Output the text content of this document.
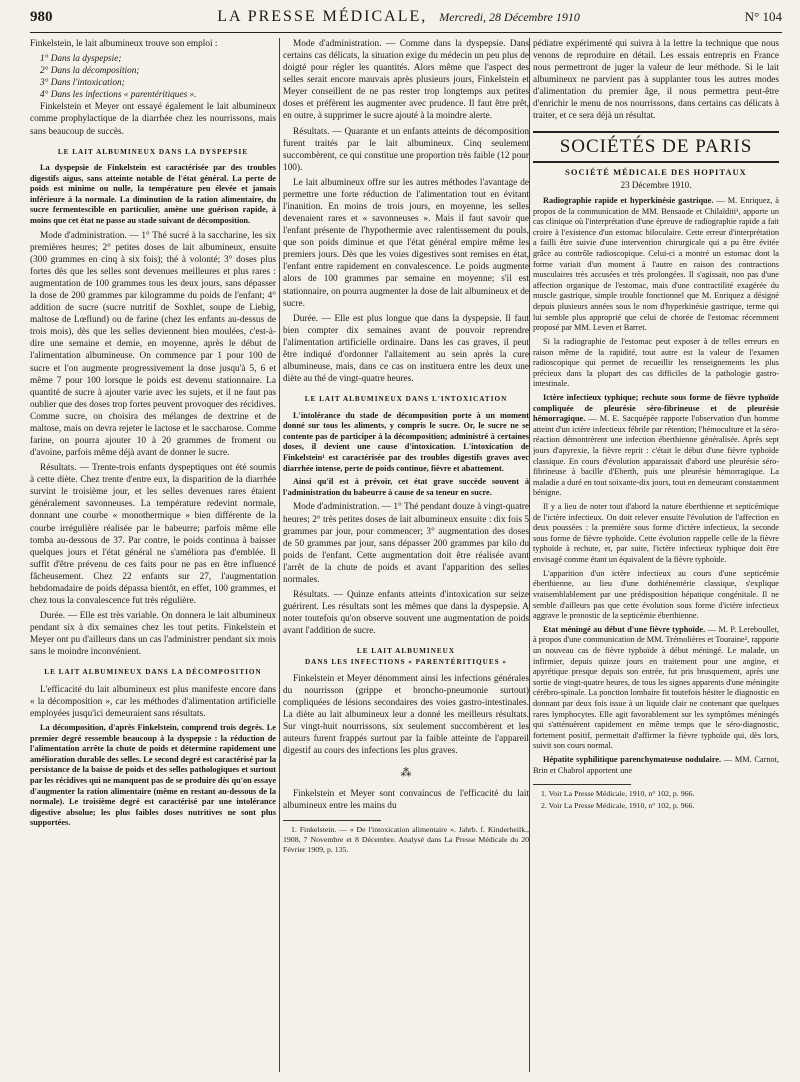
980	LA PRESSE MÉDICALE, Mercredi, 28 Décembre 1910	N° 104

Finkelstein, le lait albumineux trouve son emploi :

1° Dans la dyspepsie;

2° Dans la décomposition;

3° Dans l'intoxication;

4° Dans les infections « parentéritiques ».

Finkelstein et Meyer ont essayé également le lait albumineux comme prophylactique de la diarrhée chez les nourrissons, mais sans beaucoup de succès.

LE LAIT ALBUMINEUX DANS LA DYSPEPSIE

La dyspepsie de Finkelstein est caractérisée par des troubles digestifs aigus, sans atteinte notable de l'état général. La perte de poids est minime ou nulle, la température peu élevée et jamais inférieure à la normale. La diminution de la ration alimentaire, du sucre fermentescible en particulier, amène une guérison rapide, à moins que cet état ne passe au stade suivant de décomposition.

Mode d'administration. — 1° Thé sucré à la saccharine, les six premières heures; 2° petites doses de lait albumineux, ensuite (300 grammes en cinq à six fois); thé à volonté; 3° doses plus fortes dès que les selles sont devenues meilleures et plus rares : augmentation de 100 grammes tous les deux jours, sans dépasser la dose de 200 grammes par kilogramme du poids de l'enfant; 4° addition de sucre (sucre nutritif de Soxhlet, soupe de Liebig, maltose de Lœflund) ou de farine (chez les enfants au-dessus de trois mois), dès que les selles deviennent bien moulées, c'est-à-dire une semaine et demie, en moyenne, après le début de l'alimentation albumineuse. On commence par 1 pour 100 de sucre et l'on augmente progressivement la dose jusqu'à 5, 6 et même 7 pour 100 lorsque le poids est devenu stationnaire. La quantité de sucre à ajouter varie avec les sujets, et il ne faut pas oublier que des doses trop fortes peuvent provoquer des récidives. Comme sucre, on choisira des mélanges de dextrine et de maltose, mais on devra rejeter le lactose et le saccharose. Comme farine, on pourra ajouter 10 à 20 grammes de froment ou d'avoine, parfois même déjà avant de donner le sucre.

Résultats. — Trente-trois enfants dyspeptiques ont été soumis à cette diète. Chez trente d'entre eux, la disparition de la diarrhée survint le troisième jour, et les selles devenues rares étaient généralement savonneuses. La température redevint normale, donnant une courbe « monothermique » bien différente de la courbe irrégulière réalisée par le babeurre; parfois même elle tomba au-dessous de 37. Par contre, le poids continua à baisser quelques jours et l'état général ne s'améliora pas d'emblée. Il suffit d'être prévenu de ces faits pour ne pas en être influencé fâcheusement. Chez 22 enfants sur 27, l'augmentation hebdomadaire de poids dépassa bientôt, en effet, 100 grammes, et chez tous la convalescence fut très régulière.

Durée. — Elle est très variable. On donnera le lait albumineux pendant six à dix semaines chez les tout petits. Finkelstein et Meyer ont pu d'ailleurs dans un cas l'administrer pendant six mois sans le moindre inconvénient.

LE LAIT ALBUMINEUX DANS LA DÉCOMPOSITION

L'efficacité du lait albumineux est plus manifeste encore dans « la décomposition », car les méthodes d'alimentation artificielle employées jusqu'ici demeuraient sans résultats.

La décomposition, d'après Finkelstein, comprend trois degrés. Le premier degré ressemble beaucoup à la dyspepsie : la réduction de l'alimentation arrête la chute de poids et détermine rapidement une amélioration durable des selles. Le second degré est caractérisé par la persistance de la baisse de poids et des selles pathologiques et surtout par les récidives qui ne manquent pas de se produire dès qu'on essaye d'augmenter la ration alimentaire (même en restant au-dessous de la normale). Le troisième degré est caractérisé par une intolérance digestive absolue; les plus faibles doses nutritives ne sont plus supportées.

Mode d'administration. — Comme dans la dyspepsie. Dans certains cas délicats, la situation exige du médecin un peu plus de doigté pour régler les quantités. Alors même que l'aspect des selles serait encore mauvais après plusieurs jours, Finkelstein et Meyer conseillent de ne pas rester trop longtemps aux petites doses et préfèrent les augmenter avec prudence. Il faut être prêt, en outre, à supprimer le sucre ajouté à la moindre alerte.

Résultats. — Quarante et un enfants atteints de décomposition furent traités par le lait albumineux. Cinq seulement succombèrent, ce qui constitue une proportion très faible (12 pour 100).

Le lait albumineux offre sur les autres méthodes l'avantage de permettre une forte réduction de l'alimentation tout en évitant l'inanition. En moins de trois jours, en moyenne, les selles devenaient rares et « savonneuses ». Mais il faut savoir que l'enfant présente de l'hypothermie avec ralentissement du pouls, que son poids diminue et que l'état général empire même les premiers jours. Dès que les voies digestives sont remises en état, l'enfant entre rapidement en convalescence. Le poids augmente alors de 100 grammes par semaine en moyenne; s'il est stationnaire, on pourra augmenter la dose de lait albumineux et de sucre.

Durée. — Elle est plus longue que dans la dyspepsie. Il faut bien compter dix semaines avant de pouvoir reprendre l'alimentation artificielle ordinaire. Dans les cas graves, il peut être indiqué d'ordonner l'allaitement au sein après la cure albumineuse, mais, dans ce cas on instituera entre les deux une diète au thé de vingt-quatre heures.

LE LAIT ALBUMINEUX DANS L'INTOXICATION

L'intolérance du stade de décomposition porte à un moment donné sur tous les aliments, y compris le sucre. Or, le sucre ne se contente pas de participer à la décomposition; administré à certaines doses, il devient une cause d'intoxication. L'intoxication de Finkelstein¹ est caractérisée par des troubles digestifs graves avec diarrhée intense, perte de poids continue, fièvre et abattement.

Ainsi qu'il est à prévoir, cet état grave succède souvent à l'administration du babeurre à cause de sa teneur en sucre.

Mode d'administration. — 1° Thé pendant douze à vingt-quatre heures; 2° très petites doses de lait albumineux ensuite : dix fois 5 grammes par jour, pour commencer; 3° augmentation des doses de 50 grammes par jour, sans dépasser 200 grammes par kilo du poids de l'enfant. Cette augmentation doit être réalisée avant l'arrêt de la chute de poids et avant l'apparition des selles normales.

Résultats. — Quinze enfants atteints d'intoxication sur seize guérirent. Les résultats sont les mêmes que dans la dyspepsie. A noter toutefois qu'on observe souvent une augmentation de poids avant l'addition de sucre.

LE LAIT ALBUMINEUX
DANS LES INFECTIONS « PARENTÉRITIQUES »

Finkelstein et Meyer dénomment ainsi les infections générales du nourrisson (grippe et broncho-pneumonie surtout) compliquées de lésions secondaires des voies gastro-intestinales. La diète au lait albumineux leur a donné les meilleurs résultats. Sur vingt-huit nourrissons, six seulement succombèrent et les auteurs furent frappés surtout par la faible atteinte de l'appareil digestif au cours des infections les plus graves.

⁂

Finkelstein et Meyer sont convaincus de l'efficacité du lait albumineux entre les mains du

1. Finkelstein. — « De l'intoxication alimentaire ». Jahrb. f. Kinderheilk., 1908, 7 Novembre et 8 Décembre. Analysé dans La Presse Médicale du 20 Février 1909, p. 135.

pédiatre expérimenté qui suivra à la lettre la technique que nous venons de reproduire en détail. Les essais entrepris en France nous permettront de juger la valeur de leur méthode. Si le lait albumineux ne parvient pas à supplanter tous les autres modes d'alimentation du premier âge, il nous permettra peut-être d'enrichir le menu de nos nourrissons, dans certains cas délicats à traiter, et ce sera déjà un résultat.

SOCIÉTÉS DE PARIS
SOCIÉTÉ MÉDICALE DES HOPITAUX
23 Décembre 1910.

Radiographie rapide et hyperkinésie gastrique. — M. Enriquez, à propos de la communication de MM. Bensaude et Chilaïditi¹, apporte un cas clinique où l'interprétation d'une épreuve de radiographie rapide a fait croire à l'existence d'un estomac biloculaire. Cette erreur d'interprétation a failli être suivie d'une intervention chirurgicale qui a pu être évitée grâce au contrôle radioscopique. Celui-ci a montré un estomac dont la forme variait d'un moment à l'autre en raison des contractions musculaires très accusées et très prolongées. Il s'agissait, non pas d'une affection organique de l'estomac, mais d'une contractilité exagérée du muscle gastrique, simple trouble fonctionnel que M. Enriquez a désigné depuis plusieurs années sous le nom d'hyperkinésie gastrique, terme qui lui semble plus approprié que celui de chorée de l'estomac récemment proposé par MM. Leven et Barret.

Si la radiographie de l'estomac peut exposer à de telles erreurs en raison même de la rapidité, tout autre est la valeur de l'examen radioscopique qui permet de recueillir les renseignements les plus précieux dans la plupart des cas difficiles de la pathologie gastro-intestinale.

Ictère infectieux typhique; rechute sous forme de fièvre typhoïde compliquée de pleurésie séro-fibrineuse et de pleurésie hémorragique. — M. E. Sacquépée rapporte l'observation d'un homme atteint d'un ictère infectieux fébrile par rétention; l'hémoculture et la séro-réaction démontrèrent une infection éberthienne généralisée. Après sept jours d'apyrexie, la fièvre reprit : c'était le début d'une fièvre typhoïde classique. En cours d'évolution apparaissait d'abord une pleurésie séro-fibrineuse à bacille d'Eberth, puis une pleurésie hémorragique. La maladie a duré en tout soixante-dix jours, tout en demeurant constamment bénigne.

Il y a lieu de noter tout d'abord la nature éberthienne et septicémique de l'ictère infectieux. On doit relever ensuite l'évolution de l'affection en deux poussées : la première sous forme d'ictère infectieux, la seconde sous forme de fièvre typhoïde. Cette évolution rappelle celle de la fièvre typhoïde à rechute, et, par suite, l'ictère infectieux typhique doit être envisagé comme étant un équivalent de la fièvre typhoïde.

L'apparition d'un ictère infectieux au cours d'une septicémie éberthienne, au lieu d'une dothiénentérie classique, s'explique vraisemblablement par une prédisposition hépatique congénitale. Il ne semble d'ailleurs pas que cette évolution sous forme d'ictère infectieux aggrave le pronostic de la septicémie éberthienne.

Etat méningé au début d'une fièvre typhoïde. — M. P. Lereboullet, à propos d'une communication de MM. Trémolières et Touraine², rapporte un nouveau cas de fièvre typhoïde à début méningé. Le malade, un infirmier, depuis quinze jours en traitement pour une angine, et apyrétique presque depuis son entrée, fut pris brusquement, après une sortie de vingt-quatre heures, de tous les signes apparents d'une méningite cérébro-spinale. La ponction lombaire fit toutefois hésiter le diagnostic en donnant par deux fois issue à un liquide clair ne contenant que quelques rares lymphocytes. Elle agit favorablement sur les symptômes méningés qui s'atténuèrent rapidement en même temps que le séro-diagnostic, fortement positif, permettait d'affirmer la fièvre typhoïde qui, dès lors, suivit son cours normal.

Hépatite syphilitique parenchymateuse nodulaire. — MM. Carnot, Brin et Chabrol apportent une

1. Voir La Presse Médicale, 1910, n° 102, p. 966.

2. Voir La Presse Médicale, 1910, n° 102, p. 966.
